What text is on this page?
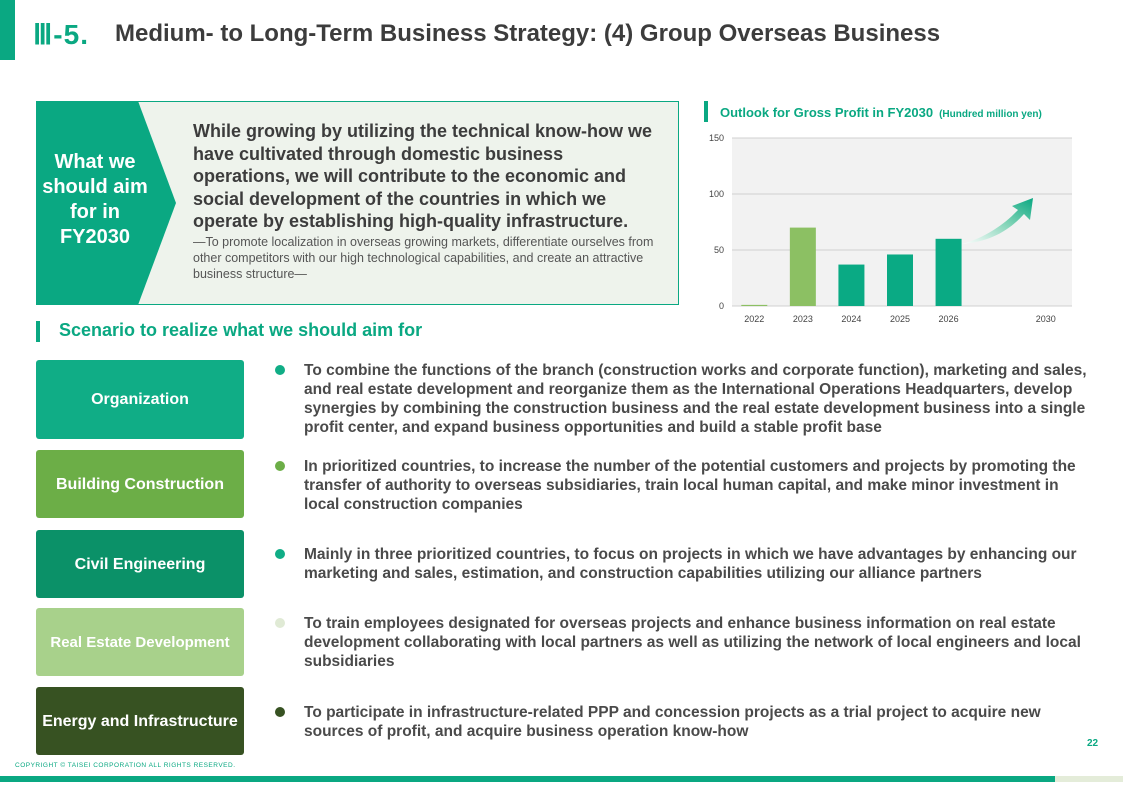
Ⅲ-5. Medium- to Long-Term Business Strategy: (4) Group Overseas Business
What we should aim for in FY2030
While growing by utilizing the technical know-how we have cultivated through domestic business operations, we will contribute to the economic and social development of the countries in which we operate by establishing high-quality infrastructure.
—To promote localization in overseas growing markets, differentiate ourselves from other competitors with our high technological capabilities, and create an attractive business structure—
Outlook for Gross Profit in FY2030 (Hundred million yen)
0
50
100
150
2022	2023	2024	2025	2026	2030
Scenario to realize what we should aim for
Organization
To combine the functions of the branch (construction works and corporate function), marketing and sales, and real estate development and reorganize them as the International Operations Headquarters, develop synergies by combining the construction business and the real estate development business into a single profit center, and expand business opportunities and build a stable profit base
Building Construction
In prioritized countries, to increase the number of the potential customers and projects by promoting the transfer of authority to overseas subsidiaries, train local human capital, and make minor investment in local construction companies
Civil Engineering
Mainly in three prioritized countries, to focus on projects in which we have advantages by enhancing our marketing and sales, estimation, and construction capabilities utilizing our alliance partners
Real Estate Development
To train employees designated for overseas projects and enhance business information on real estate development collaborating with local partners as well as utilizing the network of local engineers and local subsidiaries
Energy and Infrastructure	To participate in infrastructure-related PPP and concession projects as a trial project to acquire new sources of profit, and acquire business operation know-how
22
COPYRIGHT © TAISEI CORPORATION ALL RIGHTS RESERVED.
